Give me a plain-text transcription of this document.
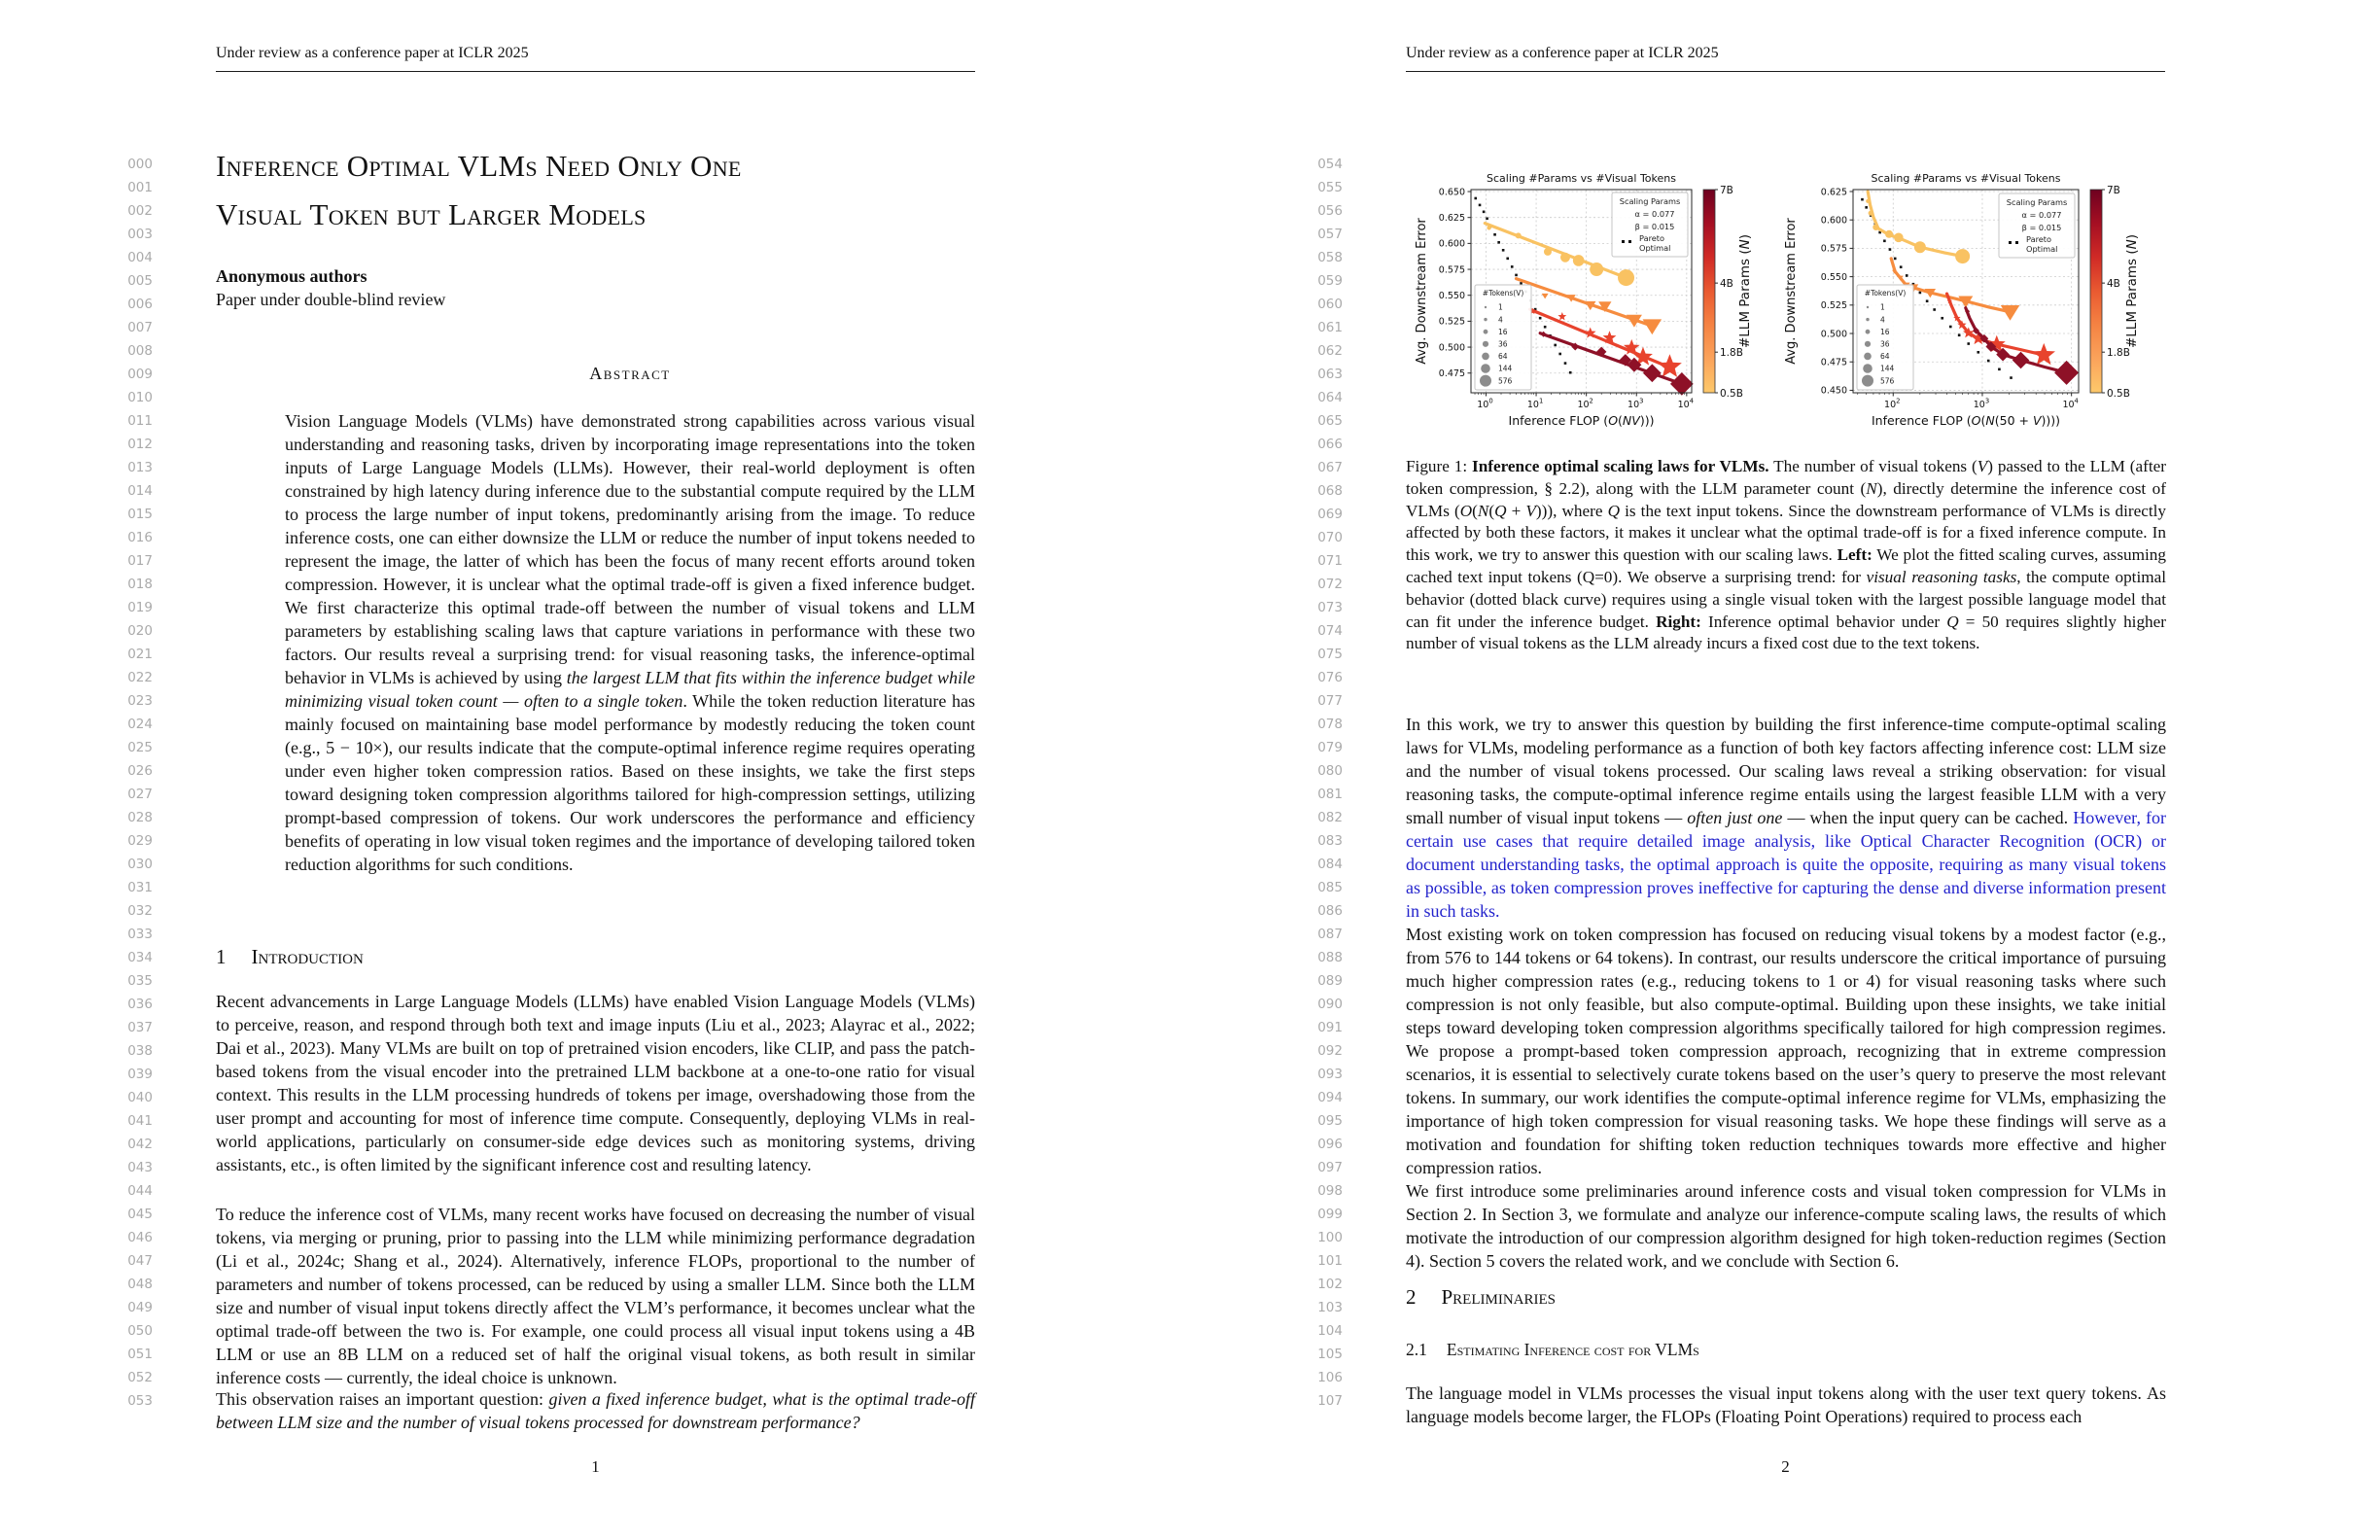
Under review as a conference paper at ICLR 2025
000
001
002
003
004
005
006
007
008
009
010
011
012
013
014
015
016
017
018
019
020
021
022
023
024
025
026
027
028
029
030
031
032
033
034
035
036
037
038
039
040
041
042
043
044
045
046
047
048
049
050
051
052
053
Inference Optimal VLMs Need Only One
Visual Token but Larger Models
Anonymous authors
Paper under double-blind review
Abstract
Vision Language Models (VLMs) have demonstrated strong capabilities across various visual understanding and reasoning tasks, driven by incorporating image representations into the token inputs of Large Language Models (LLMs). However, their real-world deployment is often constrained by high latency during inference due to the substantial compute required by the LLM to process the large number of input tokens, predominantly arising from the image. To reduce inference costs, one can either downsize the LLM or reduce the number of input tokens needed to represent the image, the latter of which has been the focus of many recent efforts around token compression. However, it is unclear what the optimal trade-off is given a fixed inference budget. We first characterize this optimal trade-off between the number of visual tokens and LLM parameters by establishing scaling laws that capture variations in performance with these two factors. Our results reveal a surprising trend: for visual reasoning tasks, the inference-optimal behavior in VLMs is achieved by using the largest LLM that fits within the inference budget while minimizing visual token count — often to a single token. While the token reduction literature has mainly focused on maintaining base model performance by modestly reducing the token count (e.g., 5 − 10×), our results indicate that the compute-optimal inference regime requires operating under even higher token compression ratios. Based on these insights, we take the first steps toward designing token compression algorithms tailored for high-compression settings, utilizing prompt-based compression of tokens. Our work underscores the performance and efficiency benefits of operating in low visual token regimes and the importance of developing tailored token reduction algorithms for such conditions.
1 Introduction
Recent advancements in Large Language Models (LLMs) have enabled Vision Language Models (VLMs) to perceive, reason, and respond through both text and image inputs (Liu et al., 2023; Alayrac et al., 2022; Dai et al., 2023). Many VLMs are built on top of pretrained vision encoders, like CLIP, and pass the patch-based tokens from the visual encoder into the pretrained LLM backbone at a one-to-one ratio for visual context. This results in the LLM processing hundreds of tokens per image, overshadowing those from the user prompt and accounting for most of inference time compute. Consequently, deploying VLMs in real-world applications, particularly on consumer-side edge devices such as monitoring systems, driving assistants, etc., is often limited by the significant inference cost and resulting latency.
To reduce the inference cost of VLMs, many recent works have focused on decreasing the number of visual tokens, via merging or pruning, prior to passing into the LLM while minimizing performance degradation (Li et al., 2024c; Shang et al., 2024). Alternatively, inference FLOPs, proportional to the number of parameters and number of tokens processed, can be reduced by using a smaller LLM. Since both the LLM size and number of visual input tokens directly affect the VLM’s performance, it becomes unclear what the optimal trade-off between the two is. For example, one could process all visual input tokens using a 4B LLM or use an 8B LLM on a reduced set of half the original visual tokens, as both result in similar inference costs — currently, the ideal choice is unknown.
This observation raises an important question: given a fixed inference budget, what is the optimal trade-off between LLM size and the number of visual tokens processed for downstream performance?
1
Under review as a conference paper at ICLR 2025
054
055
056
057
058
059
060
061
062
063
064
065
066
067
068
069
070
071
072
073
074
075
076
077
078
079
080
081
082
083
084
085
086
087
088
089
090
091
092
093
094
095
096
097
098
099
100
101
102
103
104
105
106
107
$10^0$	$10^1$	$10^2$	$10^3$	$10^4$
0.650
0.625
0.600
0.575
0.550
0.525
0.500
0.475
Scaling #Params vs #Visual Tokens
Inference FLOP (O(NV)))
Avg. Downstream Error
Scaling Params
α = 0.077
β = 0.015
Pareto
Optimal
#Tokens(V)
1
4
16
36
64
144
576
7B
4B
1.8B
0.5B
#LLM Params (N)
$10^2$	$10^3$	$10^4$
0.625
0.600
0.575
0.550
0.525
0.500
0.475
0.450
Scaling #Params vs #Visual Tokens
Inference FLOP (O(N(50 + V))))
Avg. Downstream Error
Scaling Params
α = 0.077
β = 0.015
Pareto
Optimal
#Tokens(V)
1
4
16
36
64
144
576
7B
4B
1.8B
0.5B
#LLM Params (N)
Figure 1: Inference optimal scaling laws for VLMs. The number of visual tokens (V) passed to the LLM (after token compression, § 2.2), along with the LLM parameter count (N), directly determine the inference cost of VLMs (O(N(Q + V))), where Q is the text input tokens. Since the downstream performance of VLMs is directly affected by both these factors, it makes it unclear what the optimal trade-off is for a fixed inference compute. In this work, we try to answer this question with our scaling laws. Left: We plot the fitted scaling curves, assuming cached text input tokens (Q=0). We observe a surprising trend: for visual reasoning tasks, the compute optimal behavior (dotted black curve) requires using a single visual token with the largest possible language model that can fit under the inference budget. Right: Inference optimal behavior under Q = 50 requires slightly higher number of visual tokens as the LLM already incurs a fixed cost due to the text tokens.
In this work, we try to answer this question by building the first inference-time compute-optimal scaling laws for VLMs, modeling performance as a function of both key factors affecting inference cost: LLM size and the number of visual tokens processed. Our scaling laws reveal a striking observation: for visual reasoning tasks, the compute-optimal inference regime entails using the largest feasible LLM with a very small number of visual input tokens — often just one — when the input query can be cached. However, for certain use cases that require detailed image analysis, like Optical Character Recognition (OCR) or document understanding tasks, the optimal approach is quite the opposite, requiring as many visual tokens as possible, as token compression proves ineffective for capturing the dense and diverse information present in such tasks.
Most existing work on token compression has focused on reducing visual tokens by a modest factor (e.g., from 576 to 144 tokens or 64 tokens). In contrast, our results underscore the critical importance of pursuing much higher compression rates (e.g., reducing tokens to 1 or 4) for visual reasoning tasks where such compression is not only feasible, but also compute-optimal. Building upon these insights, we take initial steps toward developing token compression algorithms specifically tailored for high compression regimes. We propose a prompt-based token compression approach, recognizing that in extreme compression scenarios, it is essential to selectively curate tokens based on the user’s query to preserve the most relevant tokens. In summary, our work identifies the compute-optimal inference regime for VLMs, emphasizing the importance of high token compression for visual reasoning tasks. We hope these findings will serve as a motivation and foundation for shifting token reduction techniques towards more effective and higher compression ratios.
We first introduce some preliminaries around inference costs and visual token compression for VLMs in Section 2. In Section 3, we formulate and analyze our inference-compute scaling laws, the results of which motivate the introduction of our compression algorithm designed for high token-reduction regimes (Section 4). Section 5 covers the related work, and we conclude with Section 6.
2 Preliminaries
2.1 Estimating Inference cost for VLMs
The language model in VLMs processes the visual input tokens along with the user text query tokens. As language models become larger, the FLOPs (Floating Point Operations) required to process each
2
